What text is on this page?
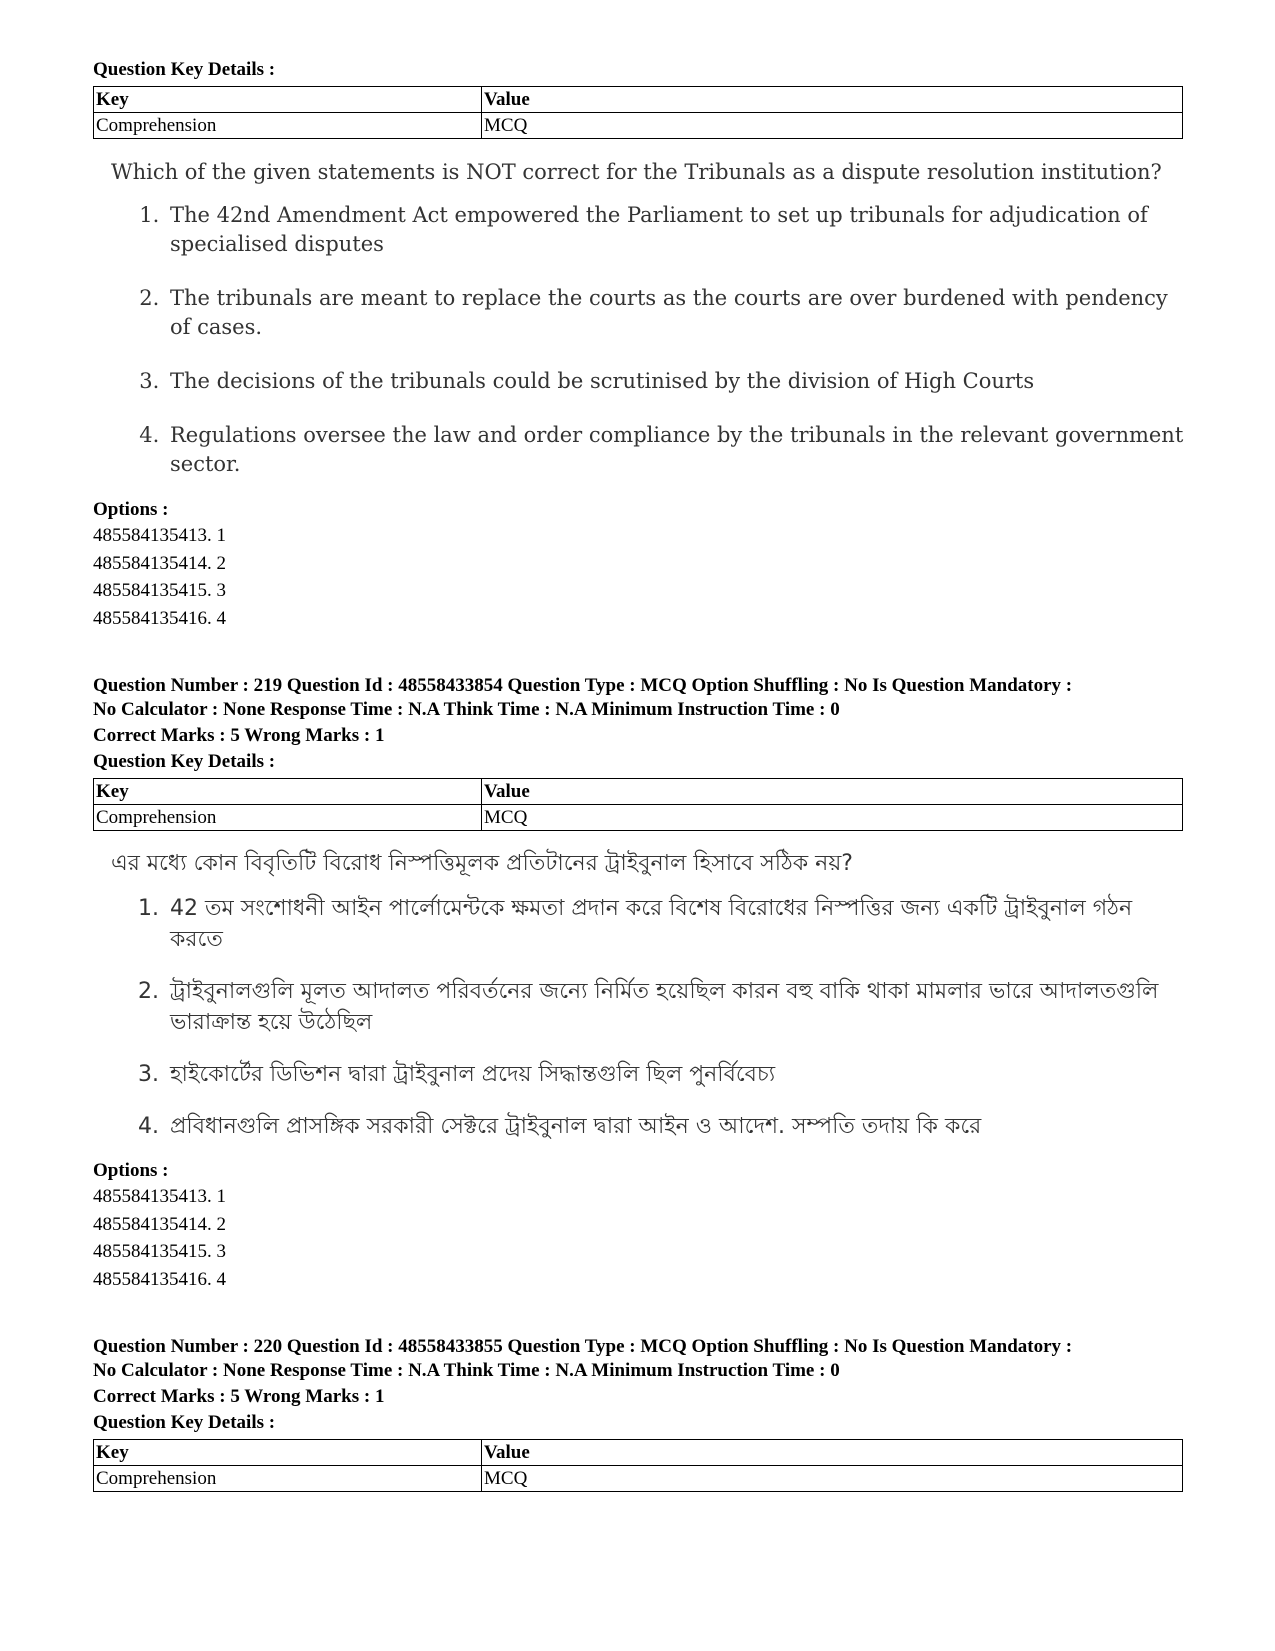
Question Key Details :
Key	Value
Comprehension	MCQ
Which of the given statements is NOT correct for the Tribunals as a dispute resolution institution?
1. The 42nd Amendment Act empowered the Parliament to set up tribunals for adjudication of specialised disputes
2. The tribunals are meant to replace the courts as the courts are over burdened with pendency of cases.
3. The decisions of the tribunals could be scrutinised by the division of High Courts
4. Regulations oversee the law and order compliance by the tribunals in the relevant government sector.
Options :
485584135413. 1
485584135414. 2
485584135415. 3
485584135416. 4
Question Number : 219 Question Id : 48558433854 Question Type : MCQ Option Shuffling : No Is Question Mandatory :
No Calculator : None Response Time : N.A Think Time : N.A Minimum Instruction Time : 0
Correct Marks : 5 Wrong Marks : 1
Question Key Details :
Key	Value
Comprehension	MCQ
এর মধ্যে কোন বিবৃতিটি বিরোধ নিস্পত্তিমূলক প্রতিটানের ট্রাইবুনাল হিসাবে সঠিক নয়?
1. 42 তম সংশোধনী আইন পার্লোমেন্টকে ক্ষমতা প্রদান করে বিশেষ বিরোধের নিস্পত্তির জন্য একটি ট্রাইবুনাল গঠন করতে
2. ট্রাইবুনালগুলি মূলত আদালত পরিবর্তনের জন্যে নির্মিত হয়েছিল কারন বহু বাকি থাকা মামলার ভারে আদালতগুলি ভারাক্রান্ত হয়ে উঠেছিল
3. হাইকোর্টের ডিভিশন দ্বারা ট্রাইবুনাল প্রদেয় সিদ্ধান্তগুলি ছিল পুনর্বিবেচ্য
4. প্রবিধানগুলি প্রাসঙ্গিক সরকারী সেক্টরে ট্রাইবুনাল দ্বারা আইন ও আদেশ. সম্পতি তদায় কি করে
Options :
485584135413. 1
485584135414. 2
485584135415. 3
485584135416. 4
Question Number : 220 Question Id : 48558433855 Question Type : MCQ Option Shuffling : No Is Question Mandatory :
No Calculator : None Response Time : N.A Think Time : N.A Minimum Instruction Time : 0
Correct Marks : 5 Wrong Marks : 1
Question Key Details :
Key	Value
Comprehension	MCQ
